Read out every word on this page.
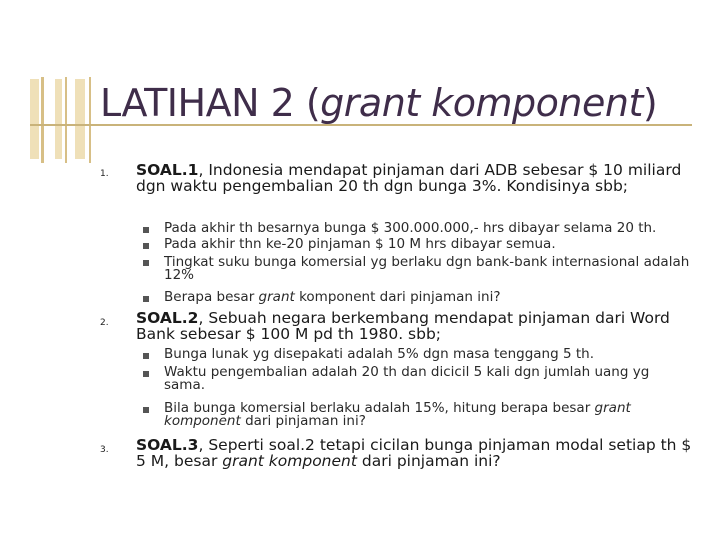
LATIHAN 2 (grant komponent)
1. SOAL.1, Indonesia mendapat pinjaman dari ADB sebesar $ 10 miliard dgn waktu pengembalian 20 th dgn bunga 3%. Kondisinya sbb;
Pada akhir th besarnya bunga $ 300.000.000,- hrs dibayar selama 20 th.
Pada akhir thn ke-20 pinjaman $ 10 M hrs dibayar semua.
Tingkat suku bunga komersial yg berlaku dgn bank-bank internasional adalah 12%
Berapa besar grant komponent dari pinjaman ini?
2. SOAL.2, Sebuah negara berkembang mendapat pinjaman dari Word Bank sebesar $ 100 M pd th 1980. sbb;
Bunga lunak yg disepakati adalah 5% dgn masa tenggang 5 th.
Waktu pengembalian adalah 20 th dan dicicil 5 kali dgn jumlah uang yg sama.
Bila bunga komersial berlaku adalah 15%, hitung berapa besar grant komponent dari pinjaman ini?
3. SOAL.3, Seperti soal.2 tetapi cicilan bunga pinjaman modal setiap th $ 5 M, besar grant komponent dari pinjaman ini?
